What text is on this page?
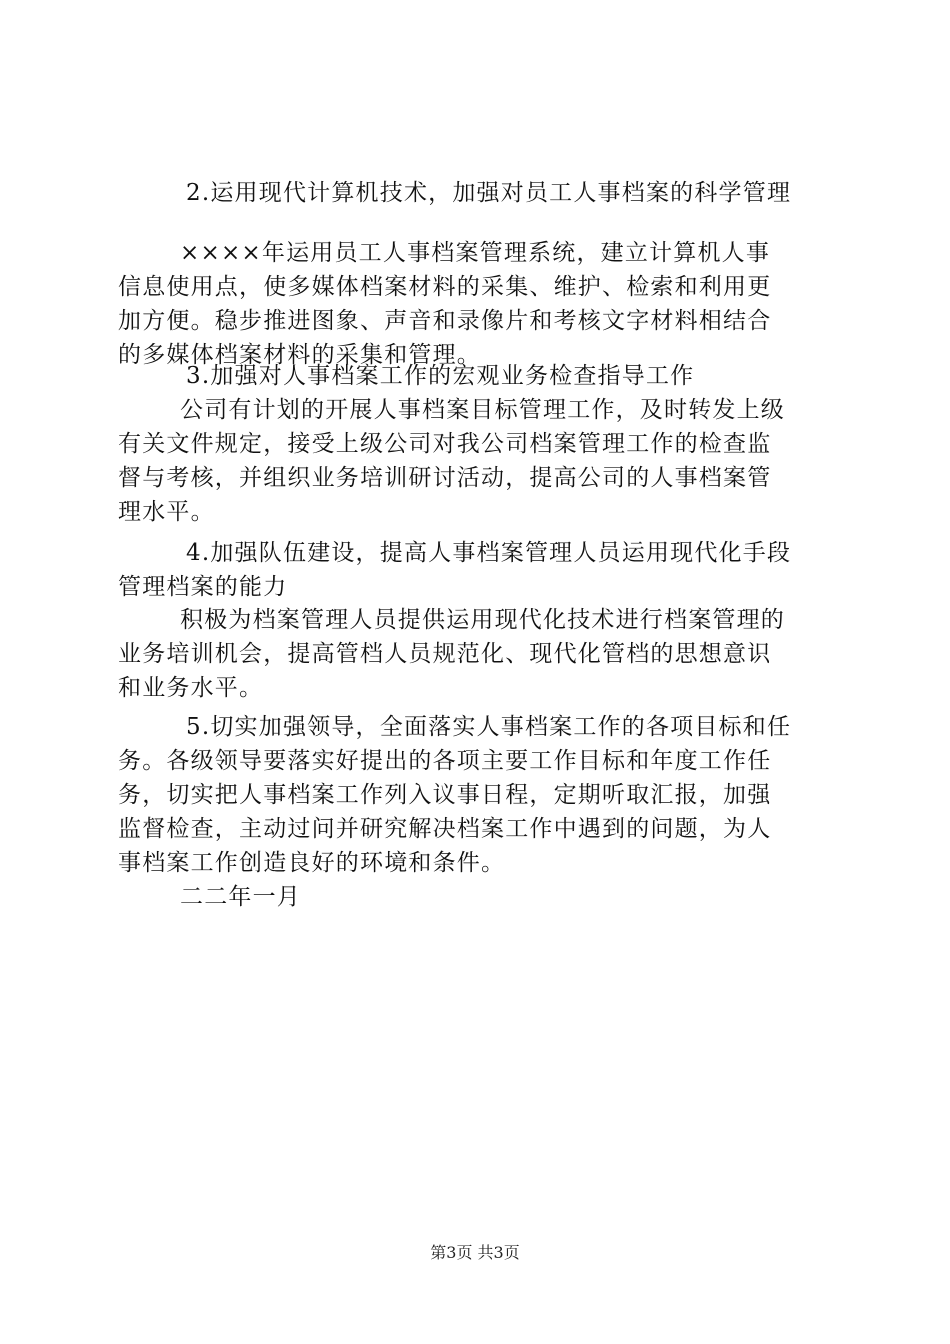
2.运用现代计算机技术，加强对员工人事档案的科学管理
××××年运用员工人事档案管理系统，建立计算机人事
信息使用点，使多媒体档案材料的采集、维护、检索和利用更
加方便。稳步推进图象、声音和录像片和考核文字材料相结合
的多媒体档案材料的采集和管理。
3.加强对人事档案工作的宏观业务检查指导工作
公司有计划的开展人事档案目标管理工作，及时转发上级
有关文件规定，接受上级公司对我公司档案管理工作的检查监
督与考核，并组织业务培训研讨活动，提高公司的人事档案管
理水平。
4.加强队伍建设，提高人事档案管理人员运用现代化手段
管理档案的能力
积极为档案管理人员提供运用现代化技术进行档案管理的
业务培训机会，提高管档人员规范化、现代化管档的思想意识
和业务水平。
5.切实加强领导，全面落实人事档案工作的各项目标和任
务。各级领导要落实好提出的各项主要工作目标和年度工作任
务，切实把人事档案工作列入议事日程，定期听取汇报，加强
监督检查，主动过问并研究解决档案工作中遇到的问题，为人
事档案工作创造良好的环境和条件。
二二年一月
第3页 共3页
